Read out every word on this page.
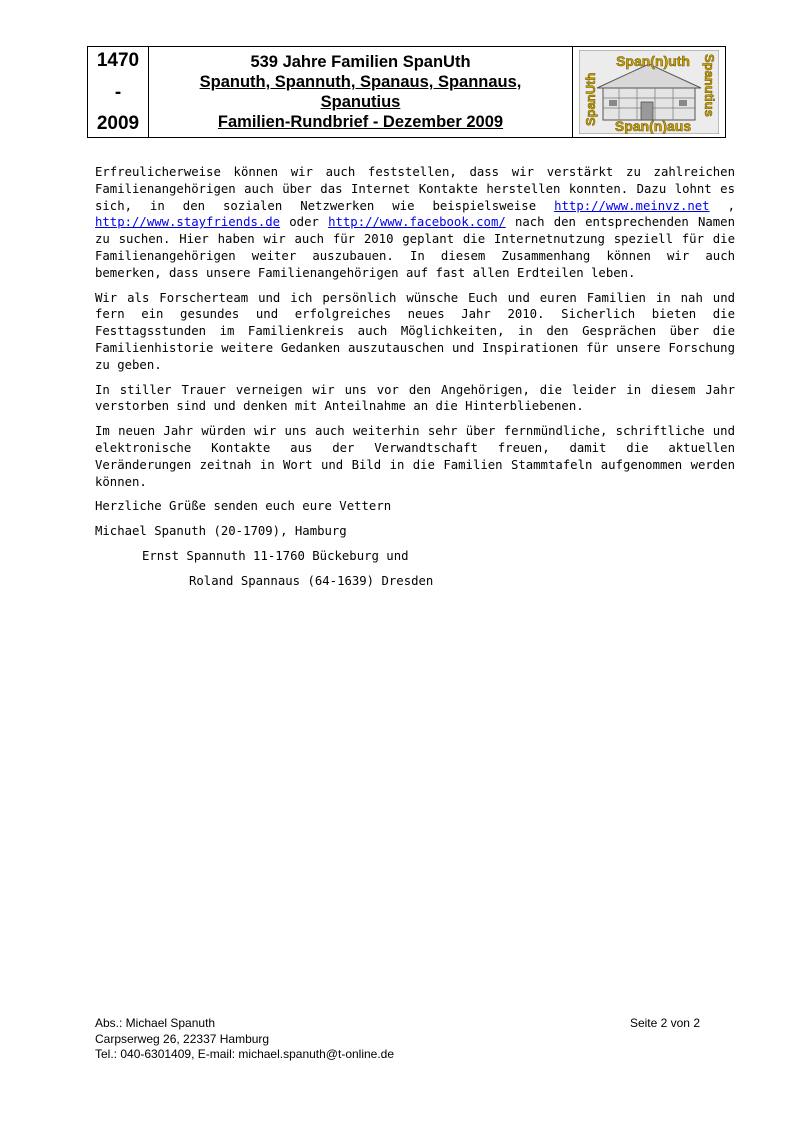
1470
-
2009
539 Jahre Familien SpanUth
Spanuth, Spannuth, Spanaus, Spannaus,
Spanutius
Familien-Rundbrief - Dezember 2009
Span(n)uth
Span(n)aus
SpanUth	Spanutius

Erfreulicherweise können wir auch feststellen, dass wir verstärkt zu zahlreichen Familienangehörigen auch über das Internet Kontakte herstellen konnten. Dazu lohnt es sich, in den sozialen Netzwerken wie beispielsweise http://www.meinvz.net , http://www.stayfriends.de oder http://www.facebook.com/ nach den entsprechenden Namen zu suchen. Hier haben wir auch für 2010 geplant die Internetnutzung speziell für die Familienangehörigen weiter auszubauen. In diesem Zusammenhang können wir auch bemerken, dass unsere Familienangehörigen auf fast allen Erdteilen leben.

Wir als Forscherteam und ich persönlich wünsche Euch und euren Familien in nah und fern ein gesundes und erfolgreiches neues Jahr 2010. Sicherlich bieten die Festtagsstunden im Familienkreis auch Möglichkeiten, in den Gesprächen über die Familienhistorie weitere Gedanken auszutauschen und Inspirationen für unsere Forschung zu geben.

In stiller Trauer verneigen wir uns vor den Angehörigen, die leider in diesem Jahr verstorben sind und denken mit Anteilnahme an die Hinterbliebenen.

Im neuen Jahr würden wir uns auch weiterhin sehr über fernmündliche, schriftliche und elektronische Kontakte aus der Verwandtschaft freuen, damit die aktuellen Veränderungen zeitnah in Wort und Bild in die Familien Stammtafeln aufgenommen werden können.

Herzliche Grüße senden euch eure Vettern
Michael Spanuth (20-1709), Hamburg
Ernst Spannuth 11-1760 Bückeburg und
Roland Spannaus (64-1639) Dresden
Abs.: Michael Spanuth
Carpserweg 26, 22337 Hamburg
Tel.: 040-6301409, E-mail: michael.spanuth@t-online.de
Seite 2 von 2
